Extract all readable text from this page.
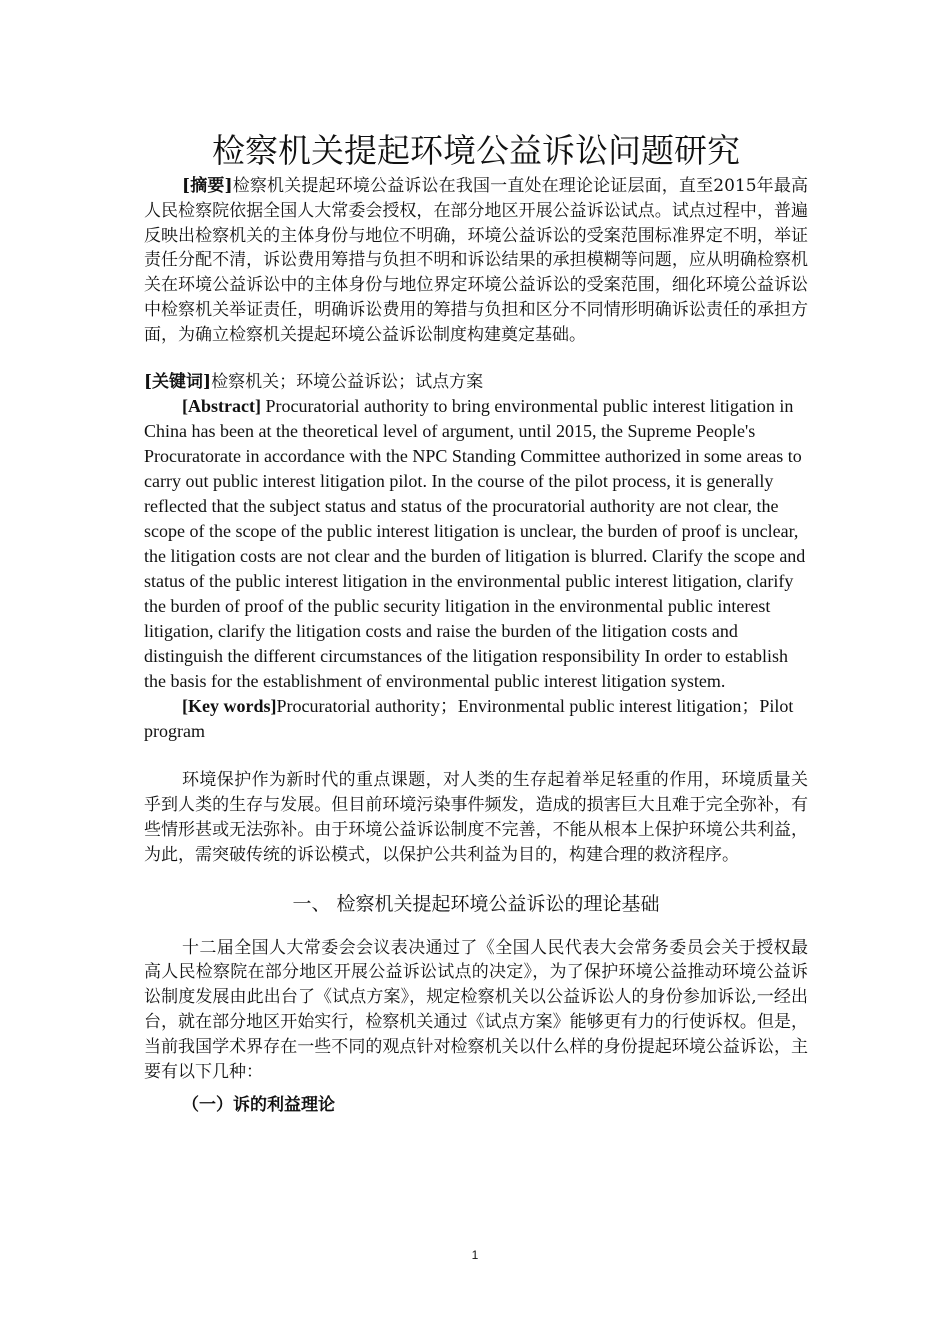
检察机关提起环境公益诉讼问题研究

[摘要]检察机关提起环境公益诉讼在我国一直处在理论论证层面，直至2015年最高人民检察院依据全国人大常委会授权，在部分地区开展公益诉讼试点。试点过程中，普遍反映出检察机关的主体身份与地位不明确，环境公益诉讼的受案范围标准界定不明，举证责任分配不清，诉讼费用筹措与负担不明和诉讼结果的承担模糊等问题，应从明确检察机关在环境公益诉讼中的主体身份与地位界定环境公益诉讼的受案范围，细化环境公益诉讼中检察机关举证责任，明确诉讼费用的筹措与负担和区分不同情形明确诉讼责任的承担方面，为确立检察机关提起环境公益诉讼制度构建奠定基础。

[关键词]检察机关；环境公益诉讼；试点方案

[Abstract] Procuratorial authority to bring environmental public interest litigation in China has been at the theoretical level of argument, until 2015, the Supreme People's Procuratorate in accordance with the NPC Standing Committee authorized in some areas to carry out public interest litigation pilot. In the course of the pilot process, it is generally reflected that the subject status and status of the procuratorial authority are not clear, the scope of the scope of the public interest litigation is unclear, the burden of proof is unclear, the litigation costs are not clear and the burden of litigation is blurred. Clarify the scope and status of the public interest litigation in the environmental public interest litigation, clarify the burden of proof of the public security litigation in the environmental public interest litigation, clarify the litigation costs and raise the burden of the litigation costs and distinguish the different circumstances of the litigation responsibility In order to establish the basis for the establishment of environmental public interest litigation system.

[Key words]Procuratorial authority；Environmental public interest litigation；Pilot program

环境保护作为新时代的重点课题，对人类的生存起着举足轻重的作用，环境质量关乎到人类的生存与发展。但目前环境污染事件频发，造成的损害巨大且难于完全弥补，有些情形甚或无法弥补。由于环境公益诉讼制度不完善，不能从根本上保护环境公共利益，为此，需突破传统的诉讼模式，以保护公共利益为目的，构建合理的救济程序。

一、 检察机关提起环境公益诉讼的理论基础

十二届全国人大常委会会议表决通过了《全国人民代表大会常务委员会关于授权最高人民检察院在部分地区开展公益诉讼试点的决定》，为了保护环境公益推动环境公益诉讼制度发展由此出台了《试点方案》，规定检察机关以公益诉讼人的身份参加诉讼,一经出台，就在部分地区开始实行，检察机关通过《试点方案》能够更有力的行使诉权。但是，当前我国学术界存在一些不同的观点针对检察机关以什么样的身份提起环境公益诉讼，主要有以下几种：

（一）诉的利益理论
1
